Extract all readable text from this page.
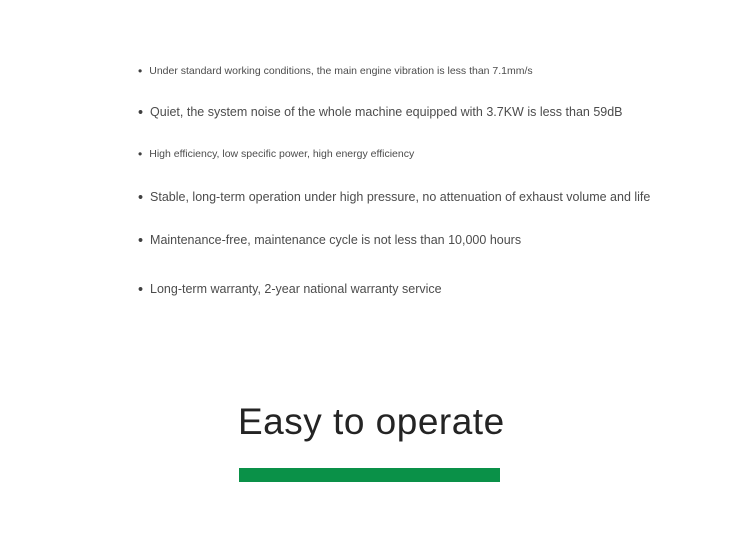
• Under standard working conditions, the main engine vibration is less than 7.1mm/s
• Quiet, the system noise of the whole machine equipped with 3.7KW is less than 59dB
• High efficiency, low specific power, high energy efficiency
• Stable, long-term operation under high pressure, no attenuation of exhaust volume and life
• Maintenance-free, maintenance cycle is not less than 10,000 hours
• Long-term warranty, 2-year national warranty service
Easy to operate
